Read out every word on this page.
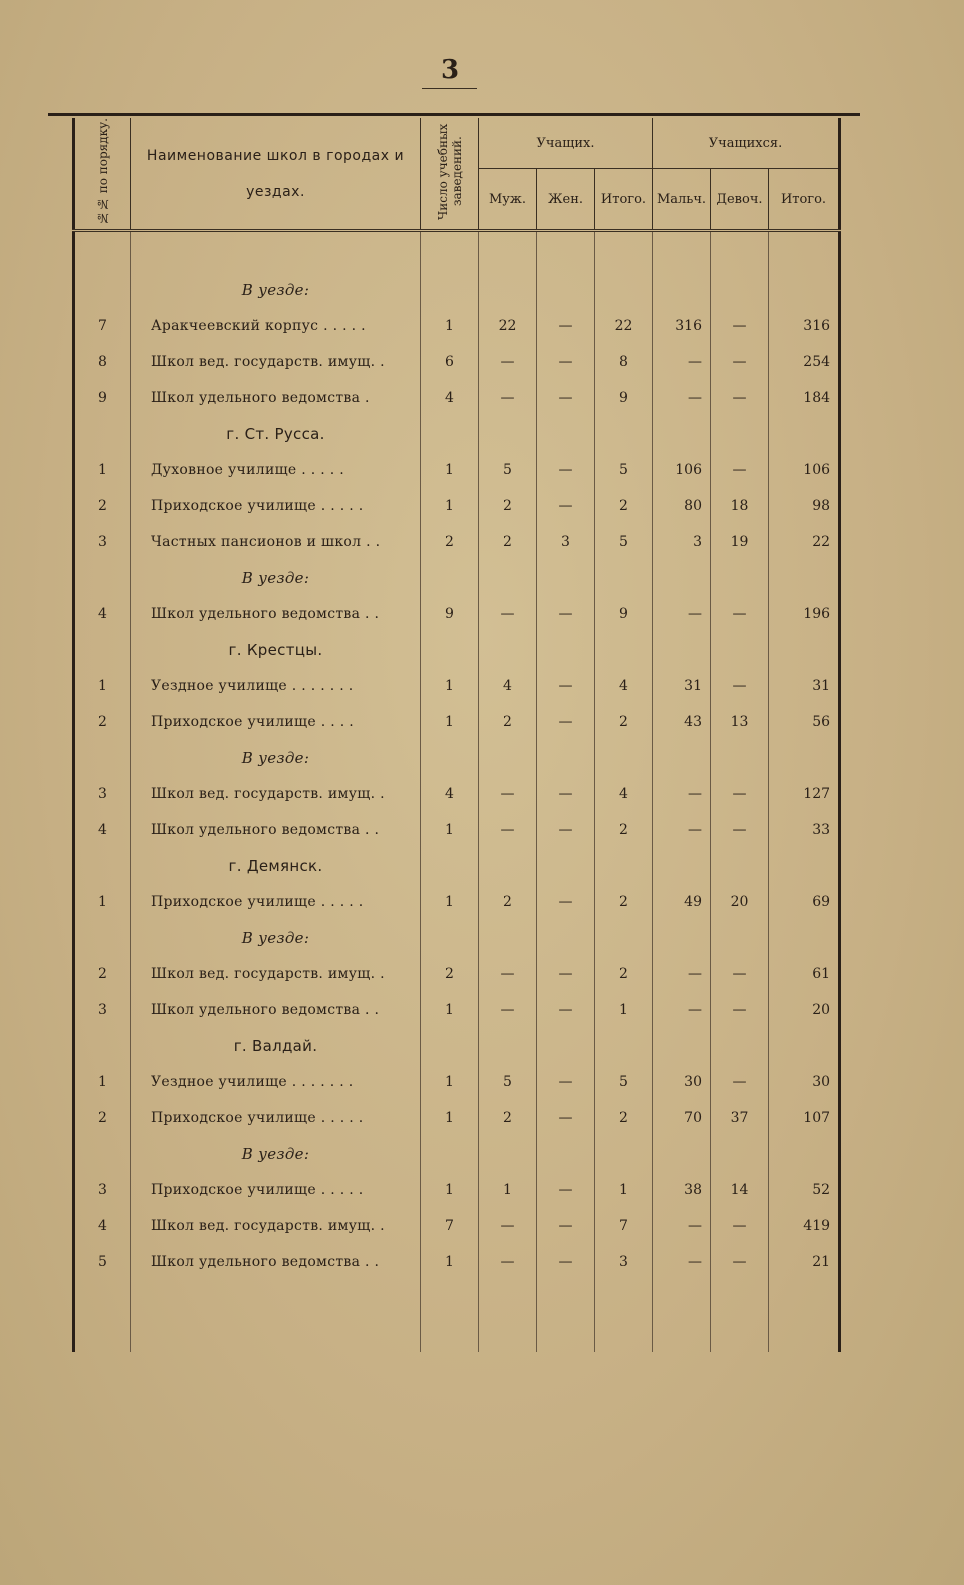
3
№№ по порядку.	Наименование школ в городах и уездах.	Число учебных заведений.	Учащих.			Учащихся.		
			Муж.	Жен.	Итого.	Мальч.	Девоч.	Итого.

	В уезде:							
7	Аракчеевский корпус . . . . .	1	22	—	22	316	—	316
8	Школ вед. государств. имущ. .	6	—	—	8	—	—	254
9	Школ удельного ведомства .	4	—	—	9	—	—	184
	г. Ст. Русса.							
1	Духовное училище . . . . .	1	5	—	5	106	—	106
2	Приходское училище . . . . .	1	2	—	2	80	18	98
3	Частных пансионов и школ . .	2	2	3	5	3	19	22
	В уезде:							
4	Школ удельного ведомства . .	9	—	—	9	—	—	196
	г. Крестцы.							
1	Уездное училище . . . . . . .	1	4	—	4	31	—	31
2	Приходское училище . . . .	1	2	—	2	43	13	56
	В уезде:							
3	Школ вед. государств. имущ. .	4	—	—	4	—	—	127
4	Школ удельного ведомства . .	1	—	—	2	—	—	33
	г. Демянск.							
1	Приходское училище . . . . .	1	2	—	2	49	20	69
	В уезде:							
2	Школ вед. государств. имущ. .	2	—	—	2	—	—	61
3	Школ удельного ведомства . .	1	—	—	1	—	—	20
	г. Валдай.							
1	Уездное училище . . . . . . .	1	5	—	5	30	—	30
2	Приходское училище . . . . .	1	2	—	2	70	37	107
	В уезде:							
3	Приходское училище . . . . .	1	1	—	1	38	14	52
4	Школ вед. государств. имущ. .	7	—	—	7	—	—	419
5	Школ удельного ведомства . .	1	—	—	3	—	—	21
